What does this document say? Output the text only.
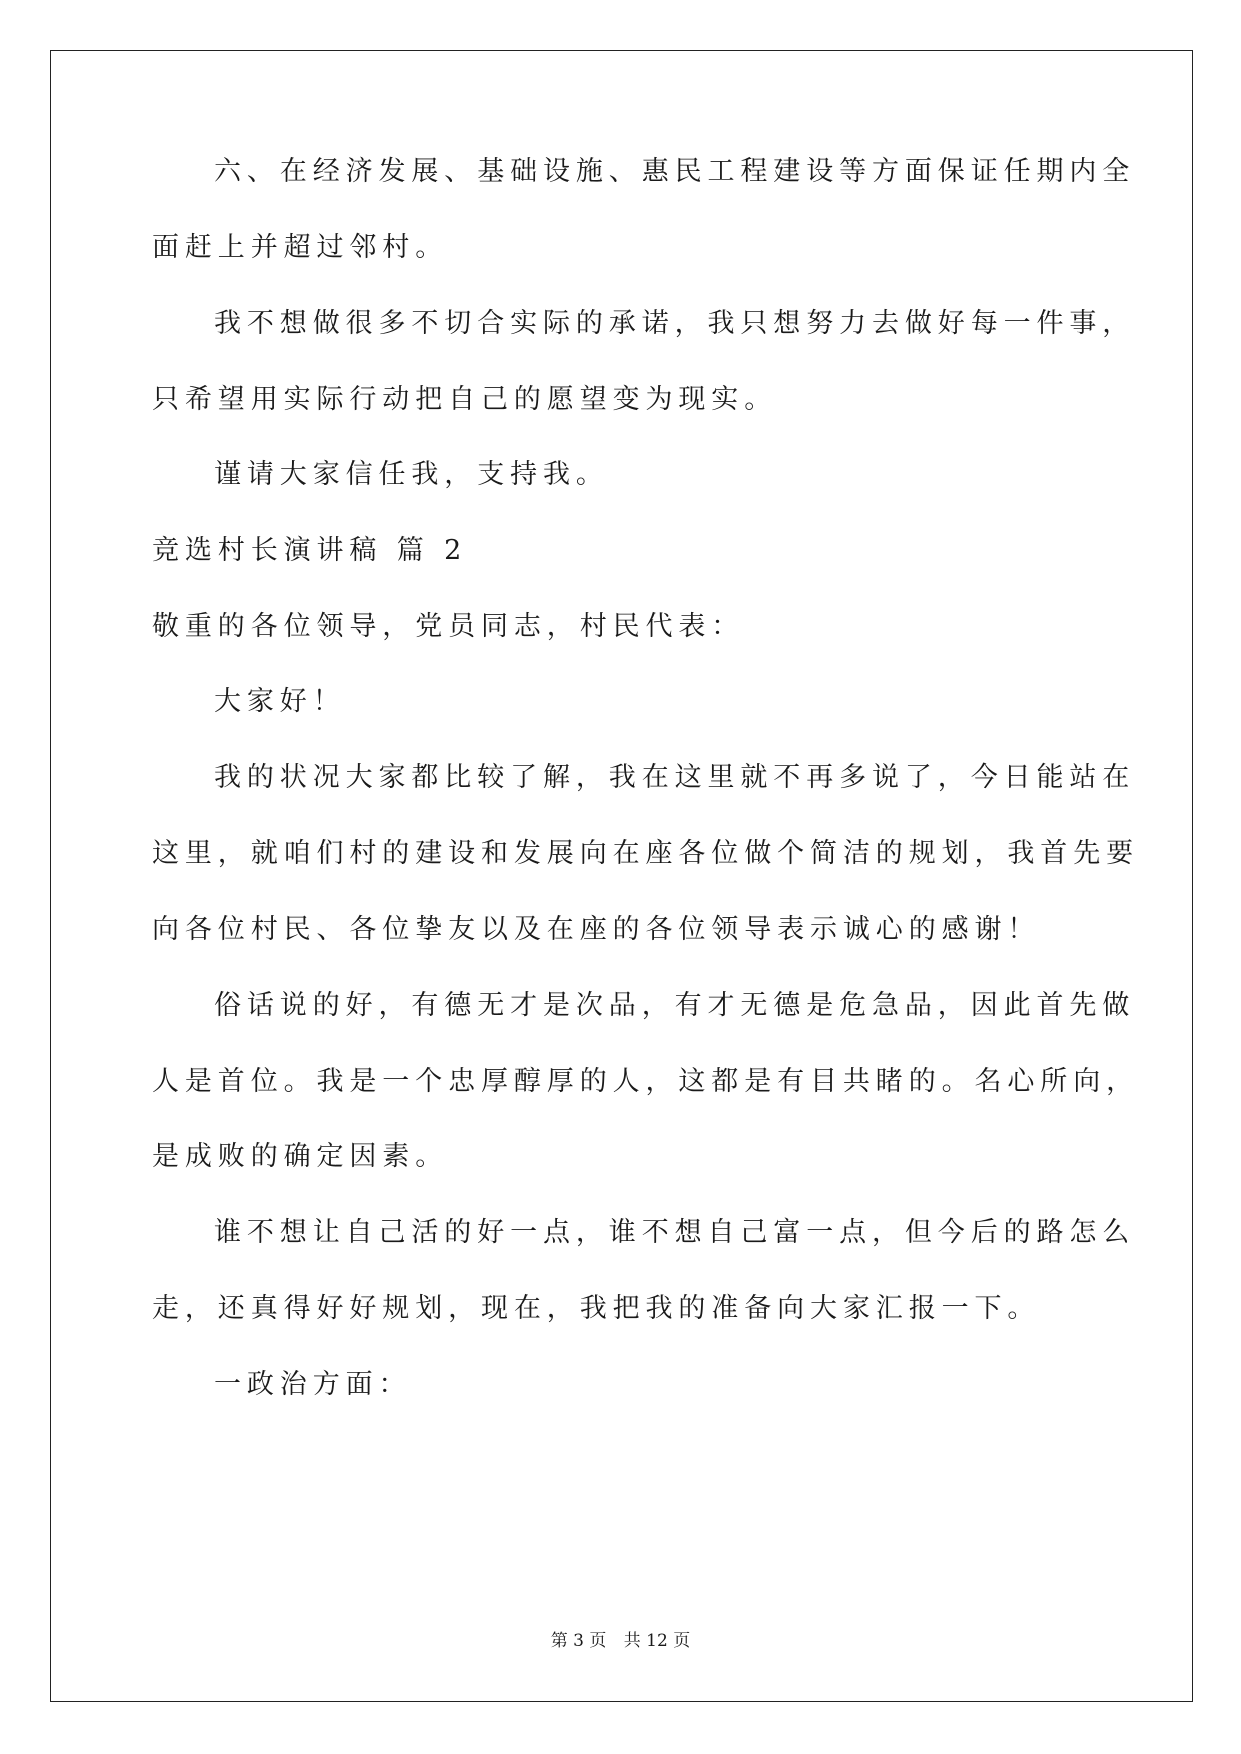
六、在经济发展、基础设施、惠民工程建设等方面保证任期内全
面赶上并超过邻村。
我不想做很多不切合实际的承诺，我只想努力去做好每一件事，
只希望用实际行动把自己的愿望变为现实。
谨请大家信任我，支持我。
竞选村长演讲稿 篇 2
敬重的各位领导，党员同志，村民代表：
大家好！
我的状况大家都比较了解，我在这里就不再多说了，今日能站在
这里，就咱们村的建设和发展向在座各位做个简洁的规划，我首先要
向各位村民、各位挚友以及在座的各位领导表示诚心的感谢！
俗话说的好，有德无才是次品，有才无德是危急品，因此首先做
人是首位。我是一个忠厚醇厚的人，这都是有目共睹的。名心所向，
是成败的确定因素。
谁不想让自己活的好一点，谁不想自己富一点，但今后的路怎么
走，还真得好好规划，现在，我把我的准备向大家汇报一下。
一政治方面：
第 3 页 共 12 页
